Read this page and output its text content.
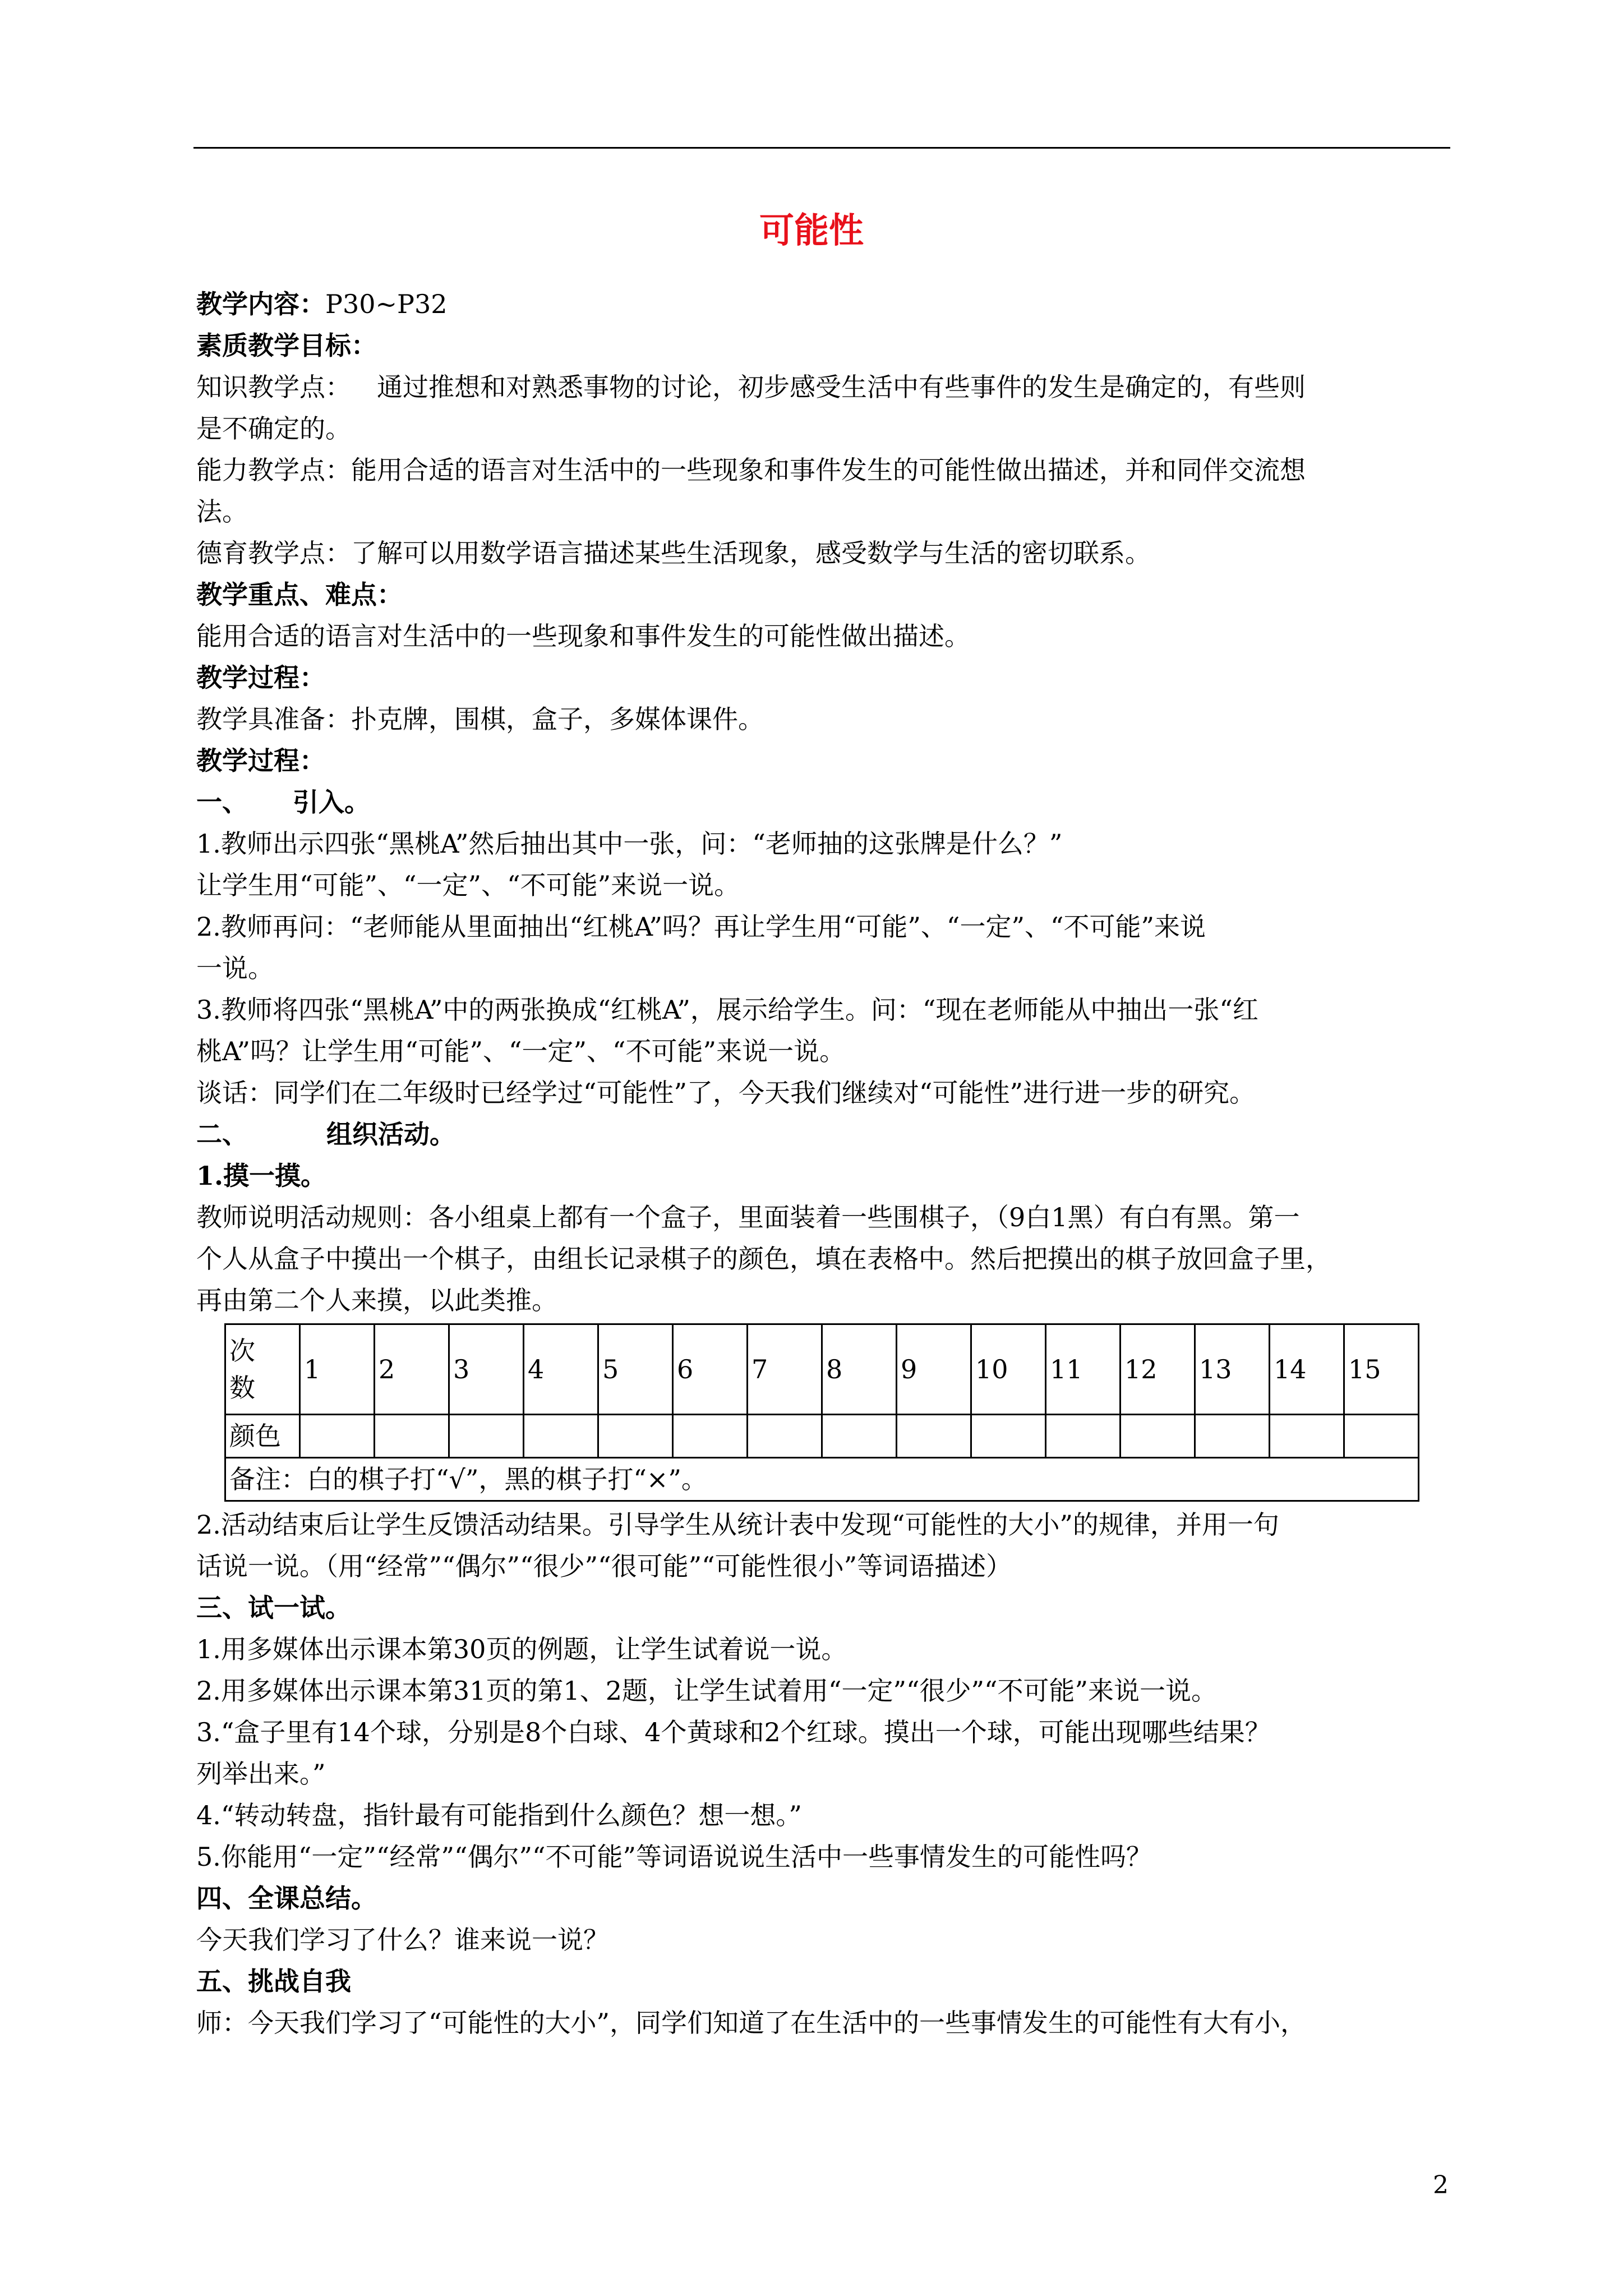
可能性
教学内容：P30~P32
素质教学目标：
知识教学点： 通过推想和对熟悉事物的讨论，初步感受生活中有些事件的发生是确定的，有些则
是不确定的。
能力教学点：能用合适的语言对生活中的一些现象和事件发生的可能性做出描述，并和同伴交流想
法。
德育教学点：了解可以用数学语言描述某些生活现象，感受数学与生活的密切联系。
教学重点、难点：
能用合适的语言对生活中的一些现象和事件发生的可能性做出描述。
教学过程：
教学具准备：扑克牌，围棋，盒子，多媒体课件。
教学过程：
一、 引入。
1.教师出示四张“黑桃A”然后抽出其中一张，问：“老师抽的这张牌是什么？”
让学生用“可能”、“一定”、“不可能”来说一说。
2.教师再问：“老师能从里面抽出“红桃A”吗？再让学生用“可能”、“一定”、“不可能”来说
一说。
3.教师将四张“黑桃A”中的两张换成“红桃A”，展示给学生。问：“现在老师能从中抽出一张“红
桃A”吗？让学生用“可能”、“一定”、“不可能”来说一说。
谈话：同学们在二年级时已经学过“可能性”了，今天我们继续对“可能性”进行进一步的研究。
二、	组织活动。
1.摸一摸。
教师说明活动规则：各小组桌上都有一个盒子，里面装着一些围棋子，（9白1黑）有白有黑。第一
个人从盒子中摸出一个棋子，由组长记录棋子的颜色，填在表格中。然后把摸出的棋子放回盒子里，
再由第二个人来摸，以此类推。
次
数	1	2	3	4	5	6	7	8	9	10	11	12	13	14	15
颜色															
备注：白的棋子打“√”，黑的棋子打“×”。															
2.活动结束后让学生反馈活动结果。引导学生从统计表中发现“可能性的大小”的规律，并用一句
话说一说。（用“经常”“偶尔”“很少”“很可能”“可能性很小”等词语描述）
三、试一试。
1.用多媒体出示课本第30页的例题，让学生试着说一说。
2.用多媒体出示课本第31页的第1、2题，让学生试着用“一定”“很少”“不可能”来说一说。
3.“盒子里有14个球，分别是8个白球、4个黄球和2个红球。摸出一个球，可能出现哪些结果？
列举出来。”
4.“转动转盘，指针最有可能指到什么颜色？想一想。”
5.你能用“一定”“经常”“偶尔”“不可能”等词语说说生活中一些事情发生的可能性吗？
四、全课总结。
今天我们学习了什么？谁来说一说？
五、挑战自我
师：今天我们学习了“可能性的大小”，同学们知道了在生活中的一些事情发生的可能性有大有小，
2
